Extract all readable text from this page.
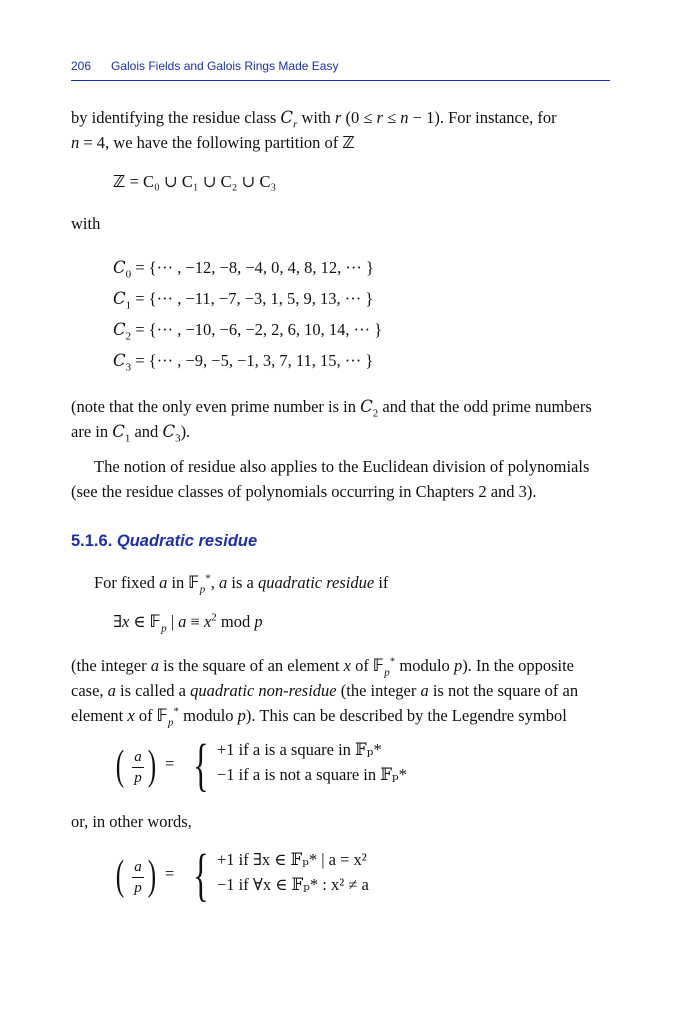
206 Galois Fields and Galois Rings Made Easy
by identifying the residue class $C_r$ with r (0 ≤ r ≤ n − 1). For instance, for
n = 4, we have the following partition of ℤ
ℤ = C₀ ∪ C₁ ∪ C₂ ∪ C₃
with
$C_0$ = {··· , −12, −8, −4, 0, 4, 8, 12, ··· }
$C_1$ = {··· , −11, −7, −3, 1, 5, 9, 13, ··· }
$C_2$ = {··· , −10, −6, −2, 2, 6, 10, 14, ··· }
$C_3$ = {··· , −9, −5, −1, 3, 7, 11, 15, ··· }
(note that the only even prime number is in $C_2$ and that the odd prime numbers are in $C_1$ and $C_3$).
The notion of residue also applies to the Euclidean division of polynomials (see the residue classes of polynomials occurring in Chapters 2 and 3).
5.1.6. Quadratic residue
For fixed a in 𝔽$_p$*, a is a quadratic residue if
∃x ∈ 𝔽$_p$ | $a \equiv x^2$ mod p
(the integer a is the square of an element x of 𝔽$_p$* modulo p). In the opposite
case, a is called a quadratic non-residue (the integer a is not the square of an
element x of 𝔽$_p$* modulo p). This can be described by the Legendre symbol
( a
p ) = { +1 if a is a square in 𝔽ₚ*
−1 if a is not a square in 𝔽ₚ*
or, in other words,
( a
p ) = { +1 if ∃x ∈ 𝔽ₚ* | a = x²
−1 if ∀x ∈ 𝔽ₚ* : x² ≠ a
